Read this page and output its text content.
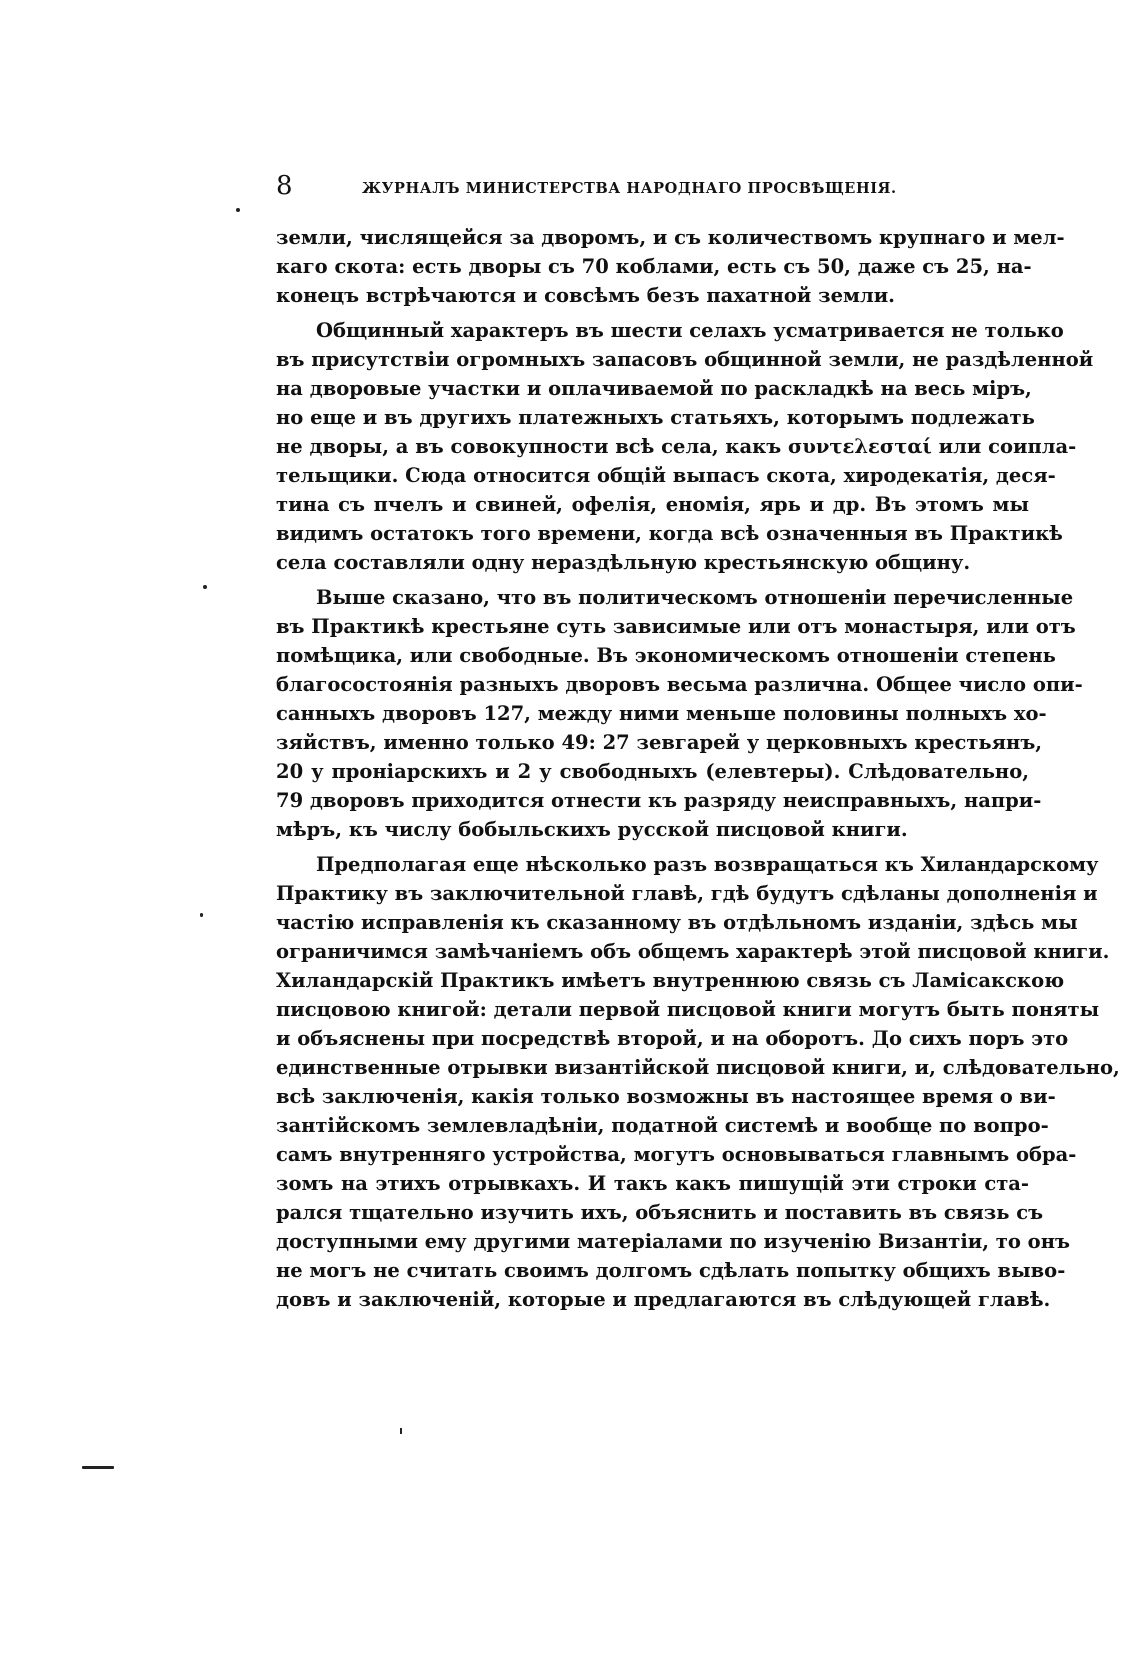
8	ЖУРНАЛЪ МИНИСТЕРСТВА НАРОДНАГО ПРОСВѢЩЕНІЯ.
земли, числящейся за дворомъ, и съ количествомъ крупнаго и мел-
каго скота: есть дворы съ 70 коблами, есть съ 50, даже съ 25, на-
конецъ встрѣчаются и совсѣмъ безъ пахатной земли.
Общинный характеръ въ шести селахъ усматривается не только
въ присутствіи огромныхъ запасовъ общинной земли, не раздѣленной
на дворовые участки и оплачиваемой по раскладкѣ на весь міръ,
но еще и въ другихъ платежныхъ статьяхъ, которымъ подлежать
не дворы, а въ совокупности всѣ села, какъ συντελεσταί или соипла-
тельщики. Сюда относится общій выпасъ скота, хиродекатія, деся-
тина съ пчелъ и свиней, офелія, еномія, ярь и др. Въ этомъ мы
видимъ остатокъ того времени, когда всѣ означенныя въ Практикѣ
села составляли одну нераздѣльную крестьянскую общину.
Выше сказано, что въ политическомъ отношеніи перечисленные
въ Практикѣ крестьяне суть зависимые или отъ монастыря, или отъ
помѣщика, или свободные. Въ экономическомъ отношеніи степень
благосостоянія разныхъ дворовъ весьма различна. Общее число опи-
санныхъ дворовъ 127, между ними меньше половины полныхъ хо-
зяйствъ, именно только 49: 27 зевгарей у церковныхъ крестьянъ,
20 у проніарскихъ и 2 у свободныхъ (елевтеры). Слѣдовательно,
79 дворовъ приходится отнести къ разряду неисправныхъ, напри-
мѣръ, къ числу бобыльскихъ русской писцовой книги.
Предполагая еще нѣсколько разъ возвращаться къ Хиландарскому
Практику въ заключительной главѣ, гдѣ будутъ сдѣланы дополненія и
частію исправленія къ сказанному въ отдѣльномъ изданіи, здѣсь мы
ограничимся замѣчаніемъ объ общемъ характерѣ этой писцовой книги.
Хиландарскій Практикъ имѣетъ внутреннюю связь съ Ламісакскою
писцовою книгой: детали первой писцовой книги могутъ быть поняты
и объяснены при посредствѣ второй, и на оборотъ. До сихъ поръ это
единственные отрывки византійской писцовой книги, и, слѣдовательно,
всѣ заключенія, какія только возможны въ настоящее время о ви-
зантійскомъ землевладѣніи, податной системѣ и вообще по вопро-
самъ внутренняго устройства, могутъ основываться главнымъ обра-
зомъ на этихъ отрывкахъ. И такъ какъ пишущій эти строки ста-
рался тщательно изучить ихъ, объяснить и поставить въ связь съ
доступными ему другими матеріалами по изученію Византіи, то онъ
не могъ не считать своимъ долгомъ сдѣлать попытку общихъ выво-
довъ и заключеній, которые и предлагаются въ слѣдующей главѣ.
